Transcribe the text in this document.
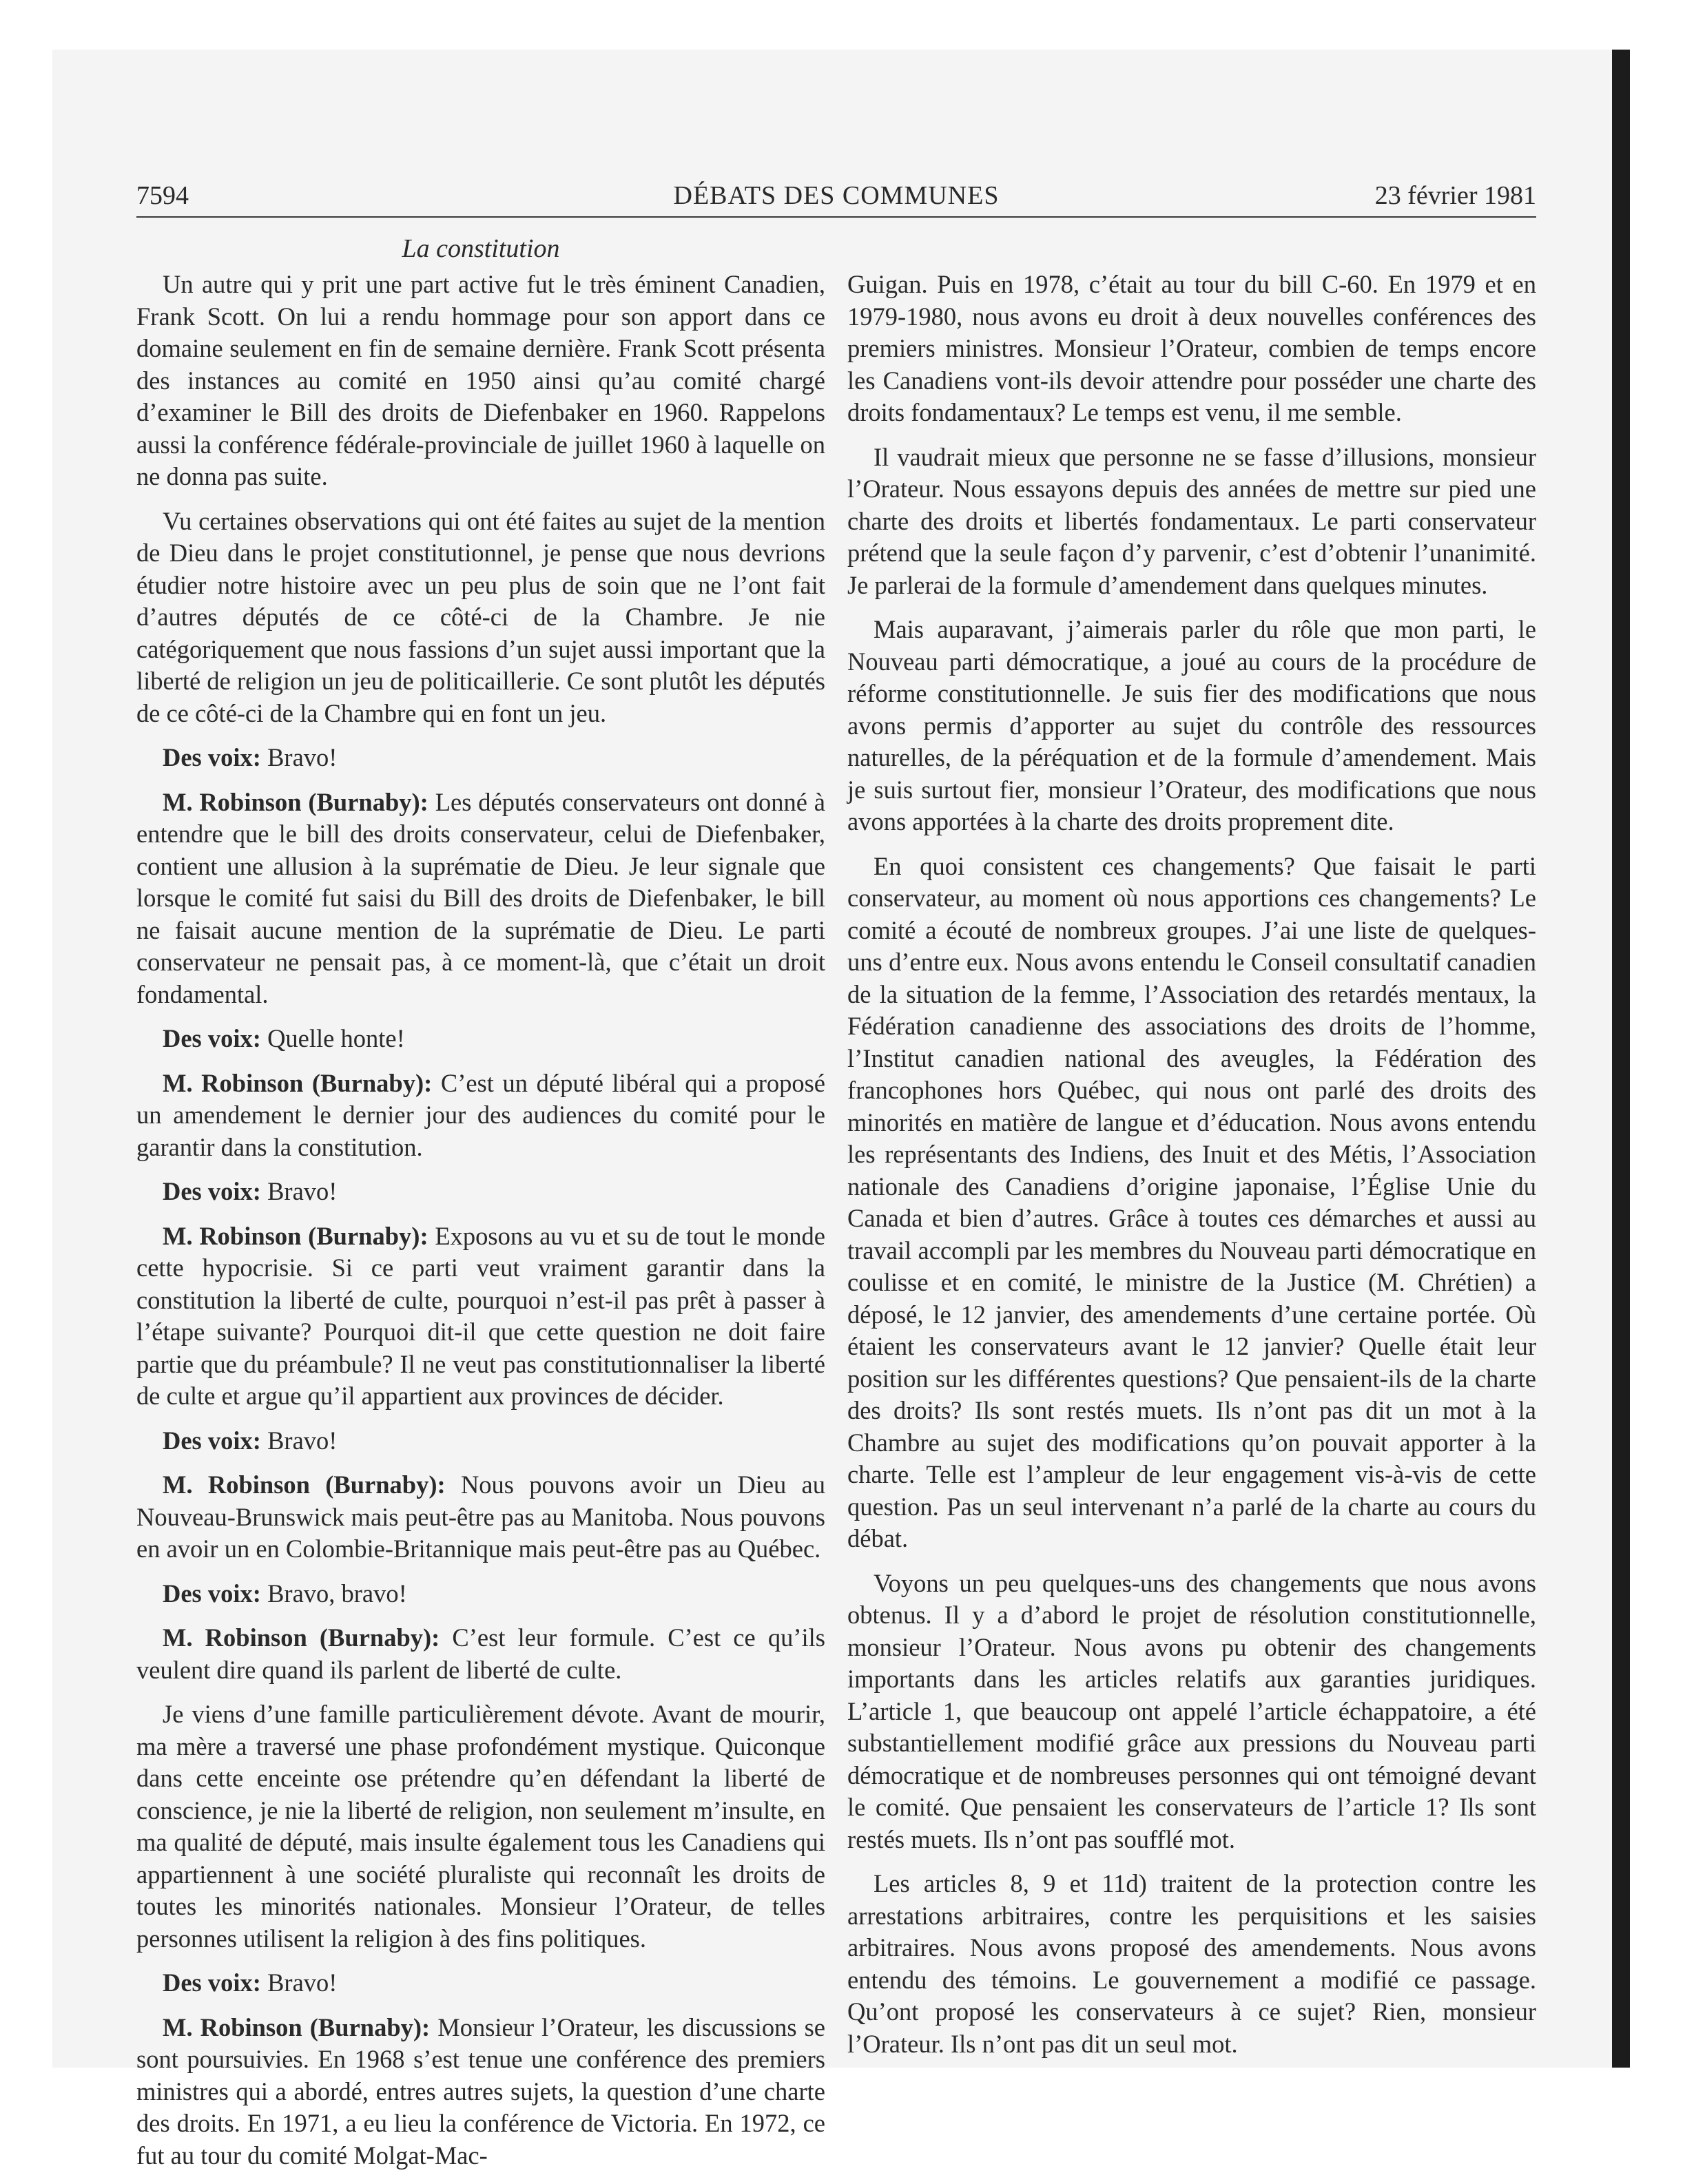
7594	DÉBATS DES COMMUNES	23 février 1981
La constitution

Un autre qui y prit une part active fut le très éminent Canadien, Frank Scott. On lui a rendu hommage pour son apport dans ce domaine seulement en fin de semaine dernière. Frank Scott présenta des instances au comité en 1950 ainsi qu’au comité chargé d’examiner le Bill des droits de Diefenbaker en 1960. Rappelons aussi la conférence fédérale-provinciale de juillet 1960 à laquelle on ne donna pas suite.

Vu certaines observations qui ont été faites au sujet de la mention de Dieu dans le projet constitutionnel, je pense que nous devrions étudier notre histoire avec un peu plus de soin que ne l’ont fait d’autres députés de ce côté-ci de la Chambre. Je nie catégoriquement que nous fassions d’un sujet aussi important que la liberté de religion un jeu de politicaillerie. Ce sont plutôt les députés de ce côté-ci de la Chambre qui en font un jeu.

Des voix: Bravo!

M. Robinson (Burnaby): Les députés conservateurs ont donné à entendre que le bill des droits conservateur, celui de Diefenbaker, contient une allusion à la suprématie de Dieu. Je leur signale que lorsque le comité fut saisi du Bill des droits de Diefenbaker, le bill ne faisait aucune mention de la suprématie de Dieu. Le parti conservateur ne pensait pas, à ce moment-là, que c’était un droit fondamental.

Des voix: Quelle honte!

M. Robinson (Burnaby): C’est un député libéral qui a proposé un amendement le dernier jour des audiences du comité pour le garantir dans la constitution.

Des voix: Bravo!

M. Robinson (Burnaby): Exposons au vu et su de tout le monde cette hypocrisie. Si ce parti veut vraiment garantir dans la constitution la liberté de culte, pourquoi n’est-il pas prêt à passer à l’étape suivante? Pourquoi dit-il que cette question ne doit faire partie que du préambule? Il ne veut pas constitutionnaliser la liberté de culte et argue qu’il appartient aux provinces de décider.

Des voix: Bravo!

M. Robinson (Burnaby): Nous pouvons avoir un Dieu au Nouveau-Brunswick mais peut-être pas au Manitoba. Nous pouvons en avoir un en Colombie-Britannique mais peut-être pas au Québec.

Des voix: Bravo, bravo!

M. Robinson (Burnaby): C’est leur formule. C’est ce qu’ils veulent dire quand ils parlent de liberté de culte.

Je viens d’une famille particulièrement dévote. Avant de mourir, ma mère a traversé une phase profondément mystique. Quiconque dans cette enceinte ose prétendre qu’en défendant la liberté de conscience, je nie la liberté de religion, non seulement m’insulte, en ma qualité de député, mais insulte également tous les Canadiens qui appartiennent à une société pluraliste qui reconnaît les droits de toutes les minorités nationales. Monsieur l’Orateur, de telles personnes utilisent la religion à des fins politiques.

Des voix: Bravo!

M. Robinson (Burnaby): Monsieur l’Orateur, les discussions se sont poursuivies. En 1968 s’est tenue une conférence des premiers ministres qui a abordé, entres autres sujets, la question d’une charte des droits. En 1971, a eu lieu la conférence de Victoria. En 1972, ce fut au tour du comité Molgat-Mac-

Guigan. Puis en 1978, c’était au tour du bill C-60. En 1979 et en 1979-1980, nous avons eu droit à deux nouvelles conférences des premiers ministres. Monsieur l’Orateur, combien de temps encore les Canadiens vont-ils devoir attendre pour posséder une charte des droits fondamentaux? Le temps est venu, il me semble.

Il vaudrait mieux que personne ne se fasse d’illusions, monsieur l’Orateur. Nous essayons depuis des années de mettre sur pied une charte des droits et libertés fondamentaux. Le parti conservateur prétend que la seule façon d’y parvenir, c’est d’obtenir l’unanimité. Je parlerai de la formule d’amendement dans quelques minutes.

Mais auparavant, j’aimerais parler du rôle que mon parti, le Nouveau parti démocratique, a joué au cours de la procédure de réforme constitutionnelle. Je suis fier des modifications que nous avons permis d’apporter au sujet du contrôle des ressources naturelles, de la péréquation et de la formule d’amendement. Mais je suis surtout fier, monsieur l’Orateur, des modifications que nous avons apportées à la charte des droits proprement dite.

En quoi consistent ces changements? Que faisait le parti conservateur, au moment où nous apportions ces changements? Le comité a écouté de nombreux groupes. J’ai une liste de quelques-uns d’entre eux. Nous avons entendu le Conseil consultatif canadien de la situation de la femme, l’Association des retardés mentaux, la Fédération canadienne des associations des droits de l’homme, l’Institut canadien national des aveugles, la Fédération des francophones hors Québec, qui nous ont parlé des droits des minorités en matière de langue et d’éducation. Nous avons entendu les représentants des Indiens, des Inuit et des Métis, l’Association nationale des Canadiens d’origine japonaise, l’Église Unie du Canada et bien d’autres. Grâce à toutes ces démarches et aussi au travail accompli par les membres du Nouveau parti démocratique en coulisse et en comité, le ministre de la Justice (M. Chrétien) a déposé, le 12 janvier, des amendements d’une certaine portée. Où étaient les conservateurs avant le 12 janvier? Quelle était leur position sur les différentes questions? Que pensaient-ils de la charte des droits? Ils sont restés muets. Ils n’ont pas dit un mot à la Chambre au sujet des modifications qu’on pouvait apporter à la charte. Telle est l’ampleur de leur engagement vis-à-vis de cette question. Pas un seul intervenant n’a parlé de la charte au cours du débat.

Voyons un peu quelques-uns des changements que nous avons obtenus. Il y a d’abord le projet de résolution constitutionnelle, monsieur l’Orateur. Nous avons pu obtenir des changements importants dans les articles relatifs aux garanties juridiques. L’article 1, que beaucoup ont appelé l’article échappatoire, a été substantiellement modifié grâce aux pressions du Nouveau parti démocratique et de nombreuses personnes qui ont témoigné devant le comité. Que pensaient les conservateurs de l’article 1? Ils sont restés muets. Ils n’ont pas soufflé mot.

Les articles 8, 9 et 11d) traitent de la protection contre les arrestations arbitraires, contre les perquisitions et les saisies arbitraires. Nous avons proposé des amendements. Nous avons entendu des témoins. Le gouvernement a modifié ce passage. Qu’ont proposé les conservateurs à ce sujet? Rien, monsieur l’Orateur. Ils n’ont pas dit un seul mot.
